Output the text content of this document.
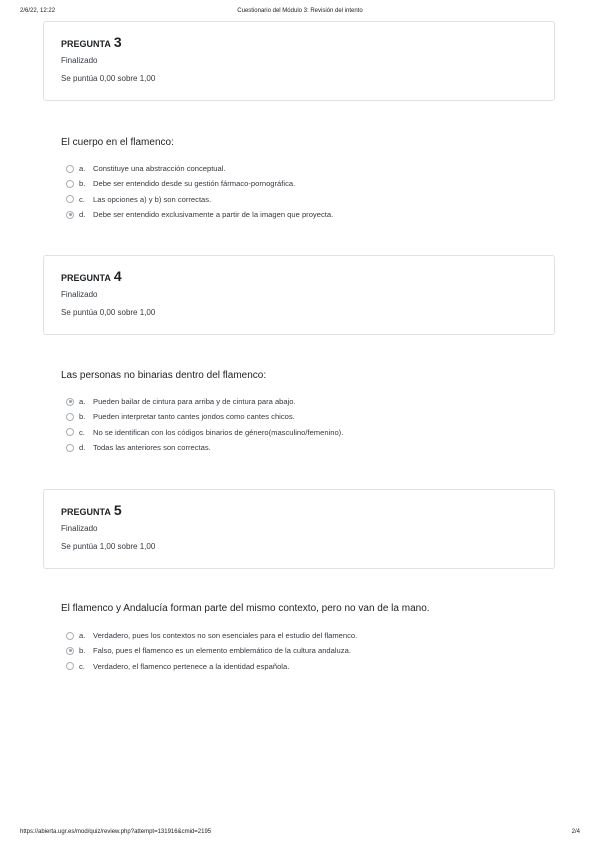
2/6/22, 12:22	Cuestionario del Módulo 3: Revisión del intento
PREGUNTA 3
Finalizado
Se puntúa 0,00 sobre 1,00
El cuerpo en el flamenco:
a.	Constituye una abstracción conceptual.
b.	Debe ser entendido desde su gestión fármaco-pornográfica.
c.	Las opciones a) y b) son correctas.
d.	Debe ser entendido exclusivamente a partir de la imagen que proyecta.
PREGUNTA 4
Finalizado
Se puntúa 0,00 sobre 1,00
Las personas no binarias dentro del flamenco:
a.	Pueden bailar de cintura para arriba y de cintura para abajo.
b.	Pueden interpretar tanto cantes jondos como cantes chicos.
c.	No se identifican con los códigos binarios de género(masculino/femenino).
d.	Todas las anteriores son correctas.
PREGUNTA 5
Finalizado
Se puntúa 1,00 sobre 1,00
El flamenco y Andalucía forman parte del mismo contexto, pero no van de la mano.
a.	Verdadero, pues los contextos no son esenciales para el estudio del flamenco.
b.	Falso, pues el flamenco es un elemento emblemático de la cultura andaluza.
c.	Verdadero, el flamenco pertenece a la identidad española.
https://abierta.ugr.es/mod/quiz/review.php?attempt=131916&cmid=2195	2/4
